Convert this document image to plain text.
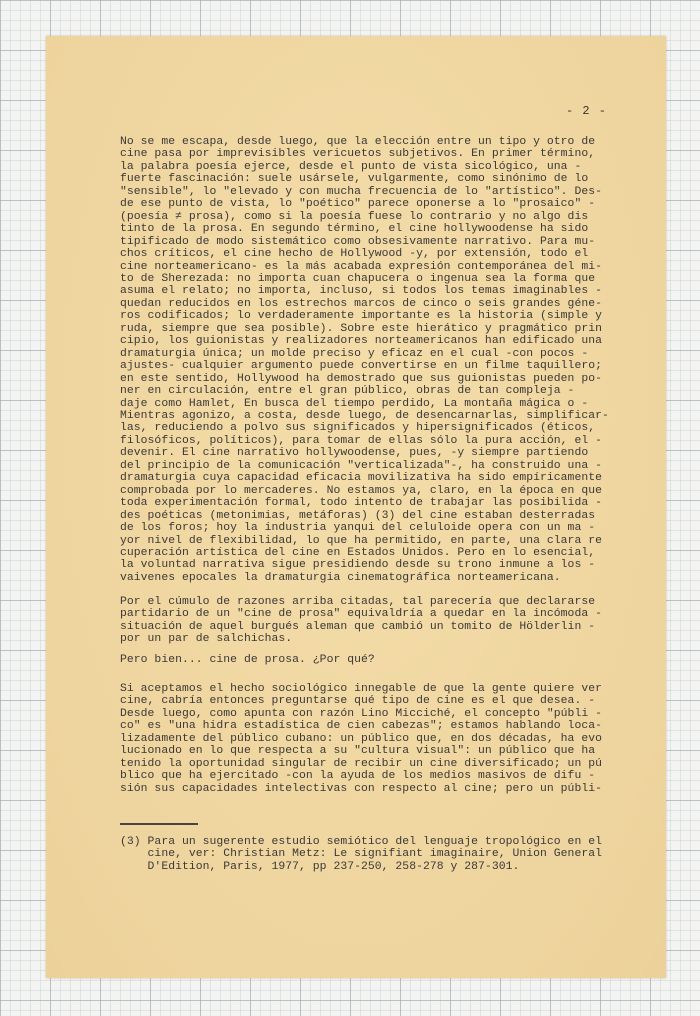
- 2 -
No se me escapa, desde luego, que la elección entre un tipo y otro de
cine pasa por imprevisibles vericuetos subjetivos. En primer término,
la palabra poesía ejerce, desde el punto de vista sicológico, una -
fuerte fascinación: suele usársele, vulgarmente, como sinónimo de lo
"sensible", lo "elevado y con mucha frecuencia de lo "artístico". Des-
de ese punto de vista, lo "poético" parece oponerse a lo "prosaico" -
(poesía ≠ prosa), como si la poesía fuese lo contrario y no algo dis
tinto de la prosa. En segundo término, el cine hollywoodense ha sido
tipificado de modo sistemático como obsesivamente narrativo. Para mu-
chos críticos, el cine hecho de Hollywood -y, por extensión, todo el
cine norteamericano- es la más acabada expresión contemporánea del mi-
to de Sherezada: no importa cuan chapucera o ingenua sea la forma que
asuma el relato; no importa, incluso, si todos los temas imaginables -
quedan reducidos en los estrechos marcos de cinco o seis grandes géne-
ros codificados; lo verdaderamente importante es la historia (simple y
ruda, siempre que sea posible). Sobre este hierático y pragmático prin
cipio, los guionistas y realizadores norteamericanos han edificado una
dramaturgia única; un molde preciso y eficaz en el cual -con pocos -
ajustes- cualquier argumento puede convertirse en un filme taquillero;
en este sentido, Hollywood ha demostrado que sus guionistas pueden po-
ner en circulación, entre el gran público, obras de tan compleja -
daje como Hamlet, En busca del tiempo perdido, La montaña mágica o -
Mientras agonizo, a costa, desde luego, de desencarnarlas, simplificar-
las, reduciendo a polvo sus significados y hipersignificados (éticos,
filosóficos, políticos), para tomar de ellas sólo la pura acción, el -
devenir. El cine narrativo hollywoodense, pues, -y siempre partiendo
del principio de la comunicación "verticalizada"-, ha construido una -
dramaturgia cuya capacidad eficacia movilizativa ha sido empíricamente
comprobada por lo mercaderes. No estamos ya, claro, en la época en que
toda experimentación formal, todo intento de trabajar las posibilida -
des poéticas (metonimias, metáforas) (3) del cine estaban desterradas
de los foros; hoy la industria yanqui del celuloide opera con un ma -
yor nivel de flexibilidad, lo que ha permitido, en parte, una clara re
cuperación artística del cine en Estados Unidos. Pero en lo esencial,
la voluntad narrativa sigue presidiendo desde su trono inmune a los -
vaivenes epocales la dramaturgia cinematográfica norteamericana.
Por el cúmulo de razones arriba citadas, tal parecería que declararse
partidario de un "cine de prosa" equivaldría a quedar en la incómoda -
situación de aquel burgués aleman que cambió un tomito de Hölderlin -
por un par de salchichas.
Pero bien... cine de prosa. ¿Por qué?
Si aceptamos el hecho sociológico innegable de que la gente quiere ver
cine, cabría entonces preguntarse qué tipo de cine es el que desea. -
Desde luego, como apunta con razón Lino Micciché, el concepto "públi -
co" es "una hidra estadística de cien cabezas"; estamos hablando loca-
lizadamente del público cubano: un público que, en dos décadas, ha evo
lucionado en lo que respecta a su "cultura visual": un público que ha
tenido la oportunidad singular de recibir un cine diversificado; un pú
blico que ha ejercitado -con la ayuda de los medios masivos de difu -
sión sus capacidades intelectivas con respecto al cine; pero un públi-
(3) Para un sugerente estudio semiótico del lenguaje tropológico en el
cine, ver: Christian Metz: Le signifiant imaginaire, Union General
D'Edition, Paris, 1977, pp 237-250, 258-278 y 287-301.
